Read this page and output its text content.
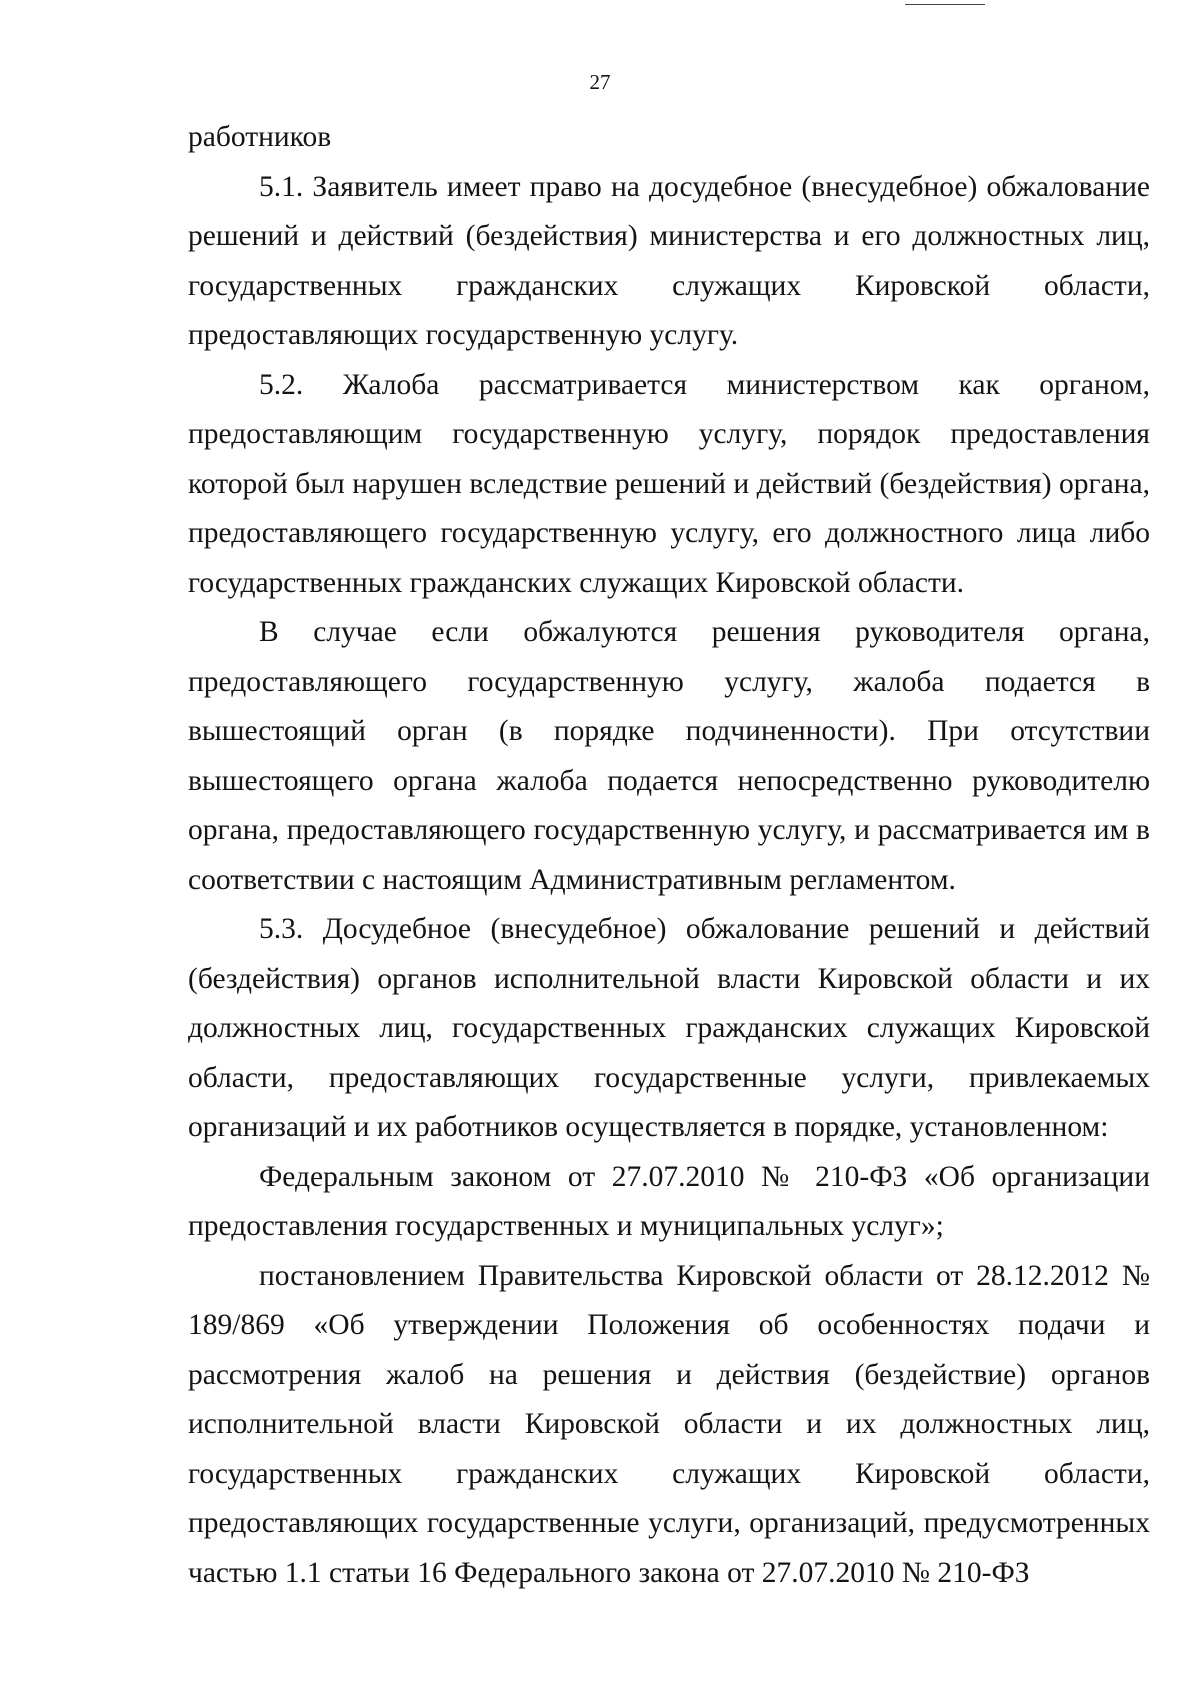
27

работников

5.1. Заявитель имеет право на досудебное (внесудебное) обжалование решений и действий (бездействия) министерства и его должностных лиц, государственных гражданских служащих Кировской области, предоставляющих государственную услугу.

5.2. Жалоба рассматривается министерством как органом, предоставляющим государственную услугу, порядок предоставления которой был нарушен вследствие решений и действий (бездействия) органа, предоставляющего государственную услугу, его должностного лица либо государственных гражданских служащих Кировской области.

В случае если обжалуются решения руководителя органа, предоставляющего государственную услугу, жалоба подается в вышестоящий орган (в порядке подчиненности). При отсутствии вышестоящего органа жалоба подается непосредственно руководителю органа, предоставляющего государственную услугу, и рассматривается им в соответствии с настоящим Административным регламентом.

5.3. Досудебное (внесудебное) обжалование решений и действий (бездействия) органов исполнительной власти Кировской области и их должностных лиц, государственных гражданских служащих Кировской области, предоставляющих государственные услуги, привлекаемых организаций и их работников осуществляется в порядке, установленном:

Федеральным законом от 27.07.2010 № 210-ФЗ «Об организации предоставления государственных и муниципальных услуг»;

постановлением Правительства Кировской области от 28.12.2012 № 189/869 «Об утверждении Положения об особенностях подачи и рассмотрения жалоб на решения и действия (бездействие) органов исполнительной власти Кировской области и их должностных лиц, государственных гражданских служащих Кировской области, предоставляющих государственные услуги, организаций, предусмотренных частью 1.1 статьи 16 Федерального закона от 27.07.2010 № 210-ФЗ
